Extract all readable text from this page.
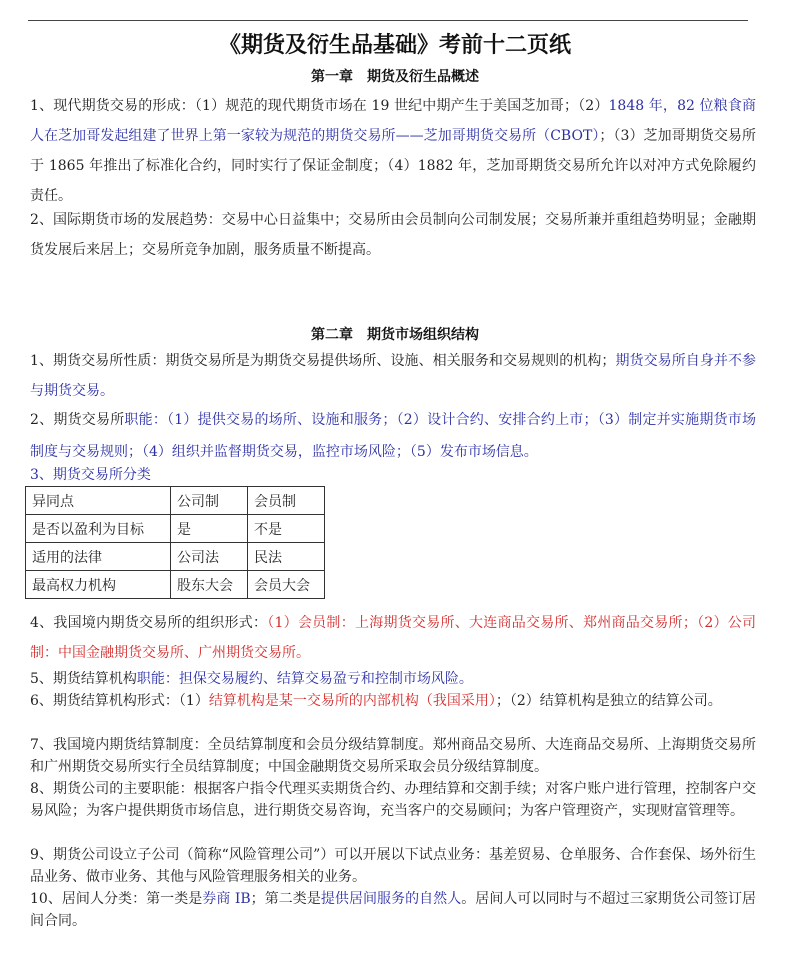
《期货及衍生品基础》考前十二页纸
第一章　期货及衍生品概述
1、现代期货交易的形成：（1）规范的现代期货市场在 19 世纪中期产生于美国芝加哥；（2）1848 年，82 位粮食商人在芝加哥发起组建了世界上第一家较为规范的期货交易所——芝加哥期货交易所（CBOT）；（3）芝加哥期货交易所于 1865 年推出了标准化合约，同时实行了保证金制度；（4）1882 年，芝加哥期货交易所允许以对冲方式免除履约责任。
2、国际期货市场的发展趋势：交易中心日益集中；交易所由会员制向公司制发展；交易所兼并重组趋势明显；金融期货发展后来居上；交易所竞争加剧，服务质量不断提高。
第二章　期货市场组织结构
1、期货交易所性质：期货交易所是为期货交易提供场所、设施、相关服务和交易规则的机构；期货交易所自身并不参与期货交易。
2、期货交易所职能：（1）提供交易的场所、设施和服务；（2）设计合约、安排合约上市；（3）制定并实施期货市场制度与交易规则；（4）组织并监督期货交易，监控市场风险；（5）发布市场信息。
3、期货交易所分类
异同点	公司制	会员制
是否以盈利为目标	是	不是
适用的法律	公司法	民法
最高权力机构	股东大会	会员大会
4、我国境内期货交易所的组织形式：（1）会员制：上海期货交易所、大连商品交易所、郑州商品交易所；（2）公司制：中国金融期货交易所、广州期货交易所。
5、期货结算机构职能：担保交易履约、结算交易盈亏和控制市场风险。
6、期货结算机构形式：（1）结算机构是某一交易所的内部机构（我国采用）；（2）结算机构是独立的结算公司。
7、我国境内期货结算制度：全员结算制度和会员分级结算制度。郑州商品交易所、大连商品交易所、上海期货交易所和广州期货交易所实行全员结算制度；中国金融期货交易所采取会员分级结算制度。
8、期货公司的主要职能：根据客户指令代理买卖期货合约、办理结算和交割手续；对客户账户进行管理，控制客户交易风险；为客户提供期货市场信息，进行期货交易咨询，充当客户的交易顾问；为客户管理资产，实现财富管理等。
9、期货公司设立子公司（简称“风险管理公司”）可以开展以下试点业务：基差贸易、仓单服务、合作套保、场外衍生品业务、做市业务、其他与风险管理服务相关的业务。
10、居间人分类：第一类是券商 IB；第二类是提供居间服务的自然人。居间人可以同时与不超过三家期货公司签订居间合同。
